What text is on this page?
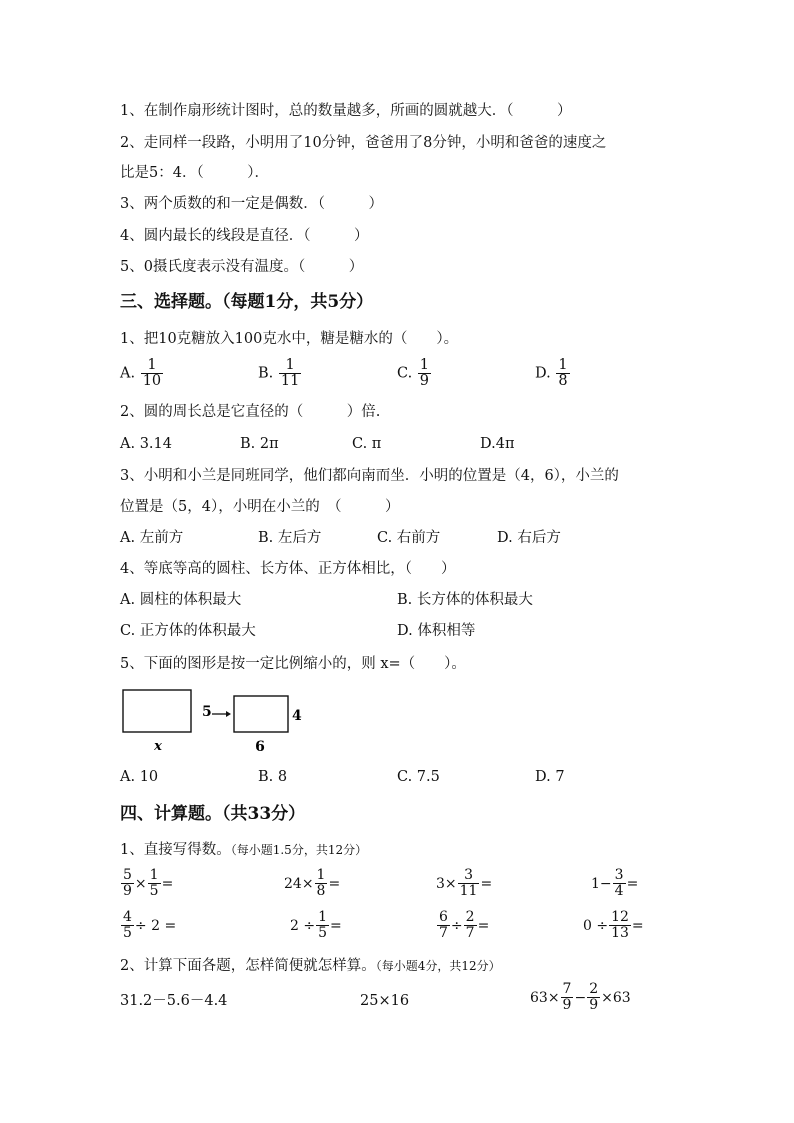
1、在制作扇形统计图时，总的数量越多，所画的圆就越大．（　　　）
2、走同样一段路，小明用了10分钟，爸爸用了8分钟，小明和爸爸的速度之
比是5：4．（　　　）．
3、两个质数的和一定是偶数．（　　　）
4、圆内最长的线段是直径．（　　　）
5、0摄氏度表示没有温度。（　　　）
三、选择题。（每题1分，共5分）
1、把10克糖放入100克水中，糖是糖水的（　　）。
A. $\frac{1}{10}$	B. $\frac{1}{11}$	C. $\frac{1}{9}$	D. $\frac{1}{8}$
2、圆的周长总是它直径的（　　　）倍.
A. 3.14	B. 2π	C. π	D.4π
3、小明和小兰是同班同学，他们都向南而坐．小明的位置是（4，6），小兰的
位置是（5，4），小明在小兰的　（　　　）
A. 左前方	B. 左后方	C. 右前方	D. 右后方
4、等底等高的圆柱、长方体、正方体相比，（　　）
A. 圆柱的体积最大	B. 长方体的体积最大
C. 正方体的体积最大	D. 体积相等
5、下面的图形是按一定比例缩小的，则 x=（　　）。
x
5	4
6
A. 10	B. 8	C. 7.5	D. 7
四、计算题。（共33分）
1、直接写得数。（每小题1.5分，共12分）
$\frac{5}{9} \times \frac{1}{5}$ =	$24\times \frac{1}{8}$ =	$3\times \frac{3}{11}$ =	$1- \frac{3}{4}$ =
$\frac{4}{5} \div 2$ =	$2 \div \frac{1}{5}$ =	$\frac{6}{7} \div \frac{2}{7}$ =	$0 \div \frac{12}{13}$ =
2、计算下面各题，怎样简便就怎样算。（每小题4分，共12分）
31.2－5.6－4.4	25×16	$63\times \frac{7}{9} - \frac{2}{9} \times 63$
